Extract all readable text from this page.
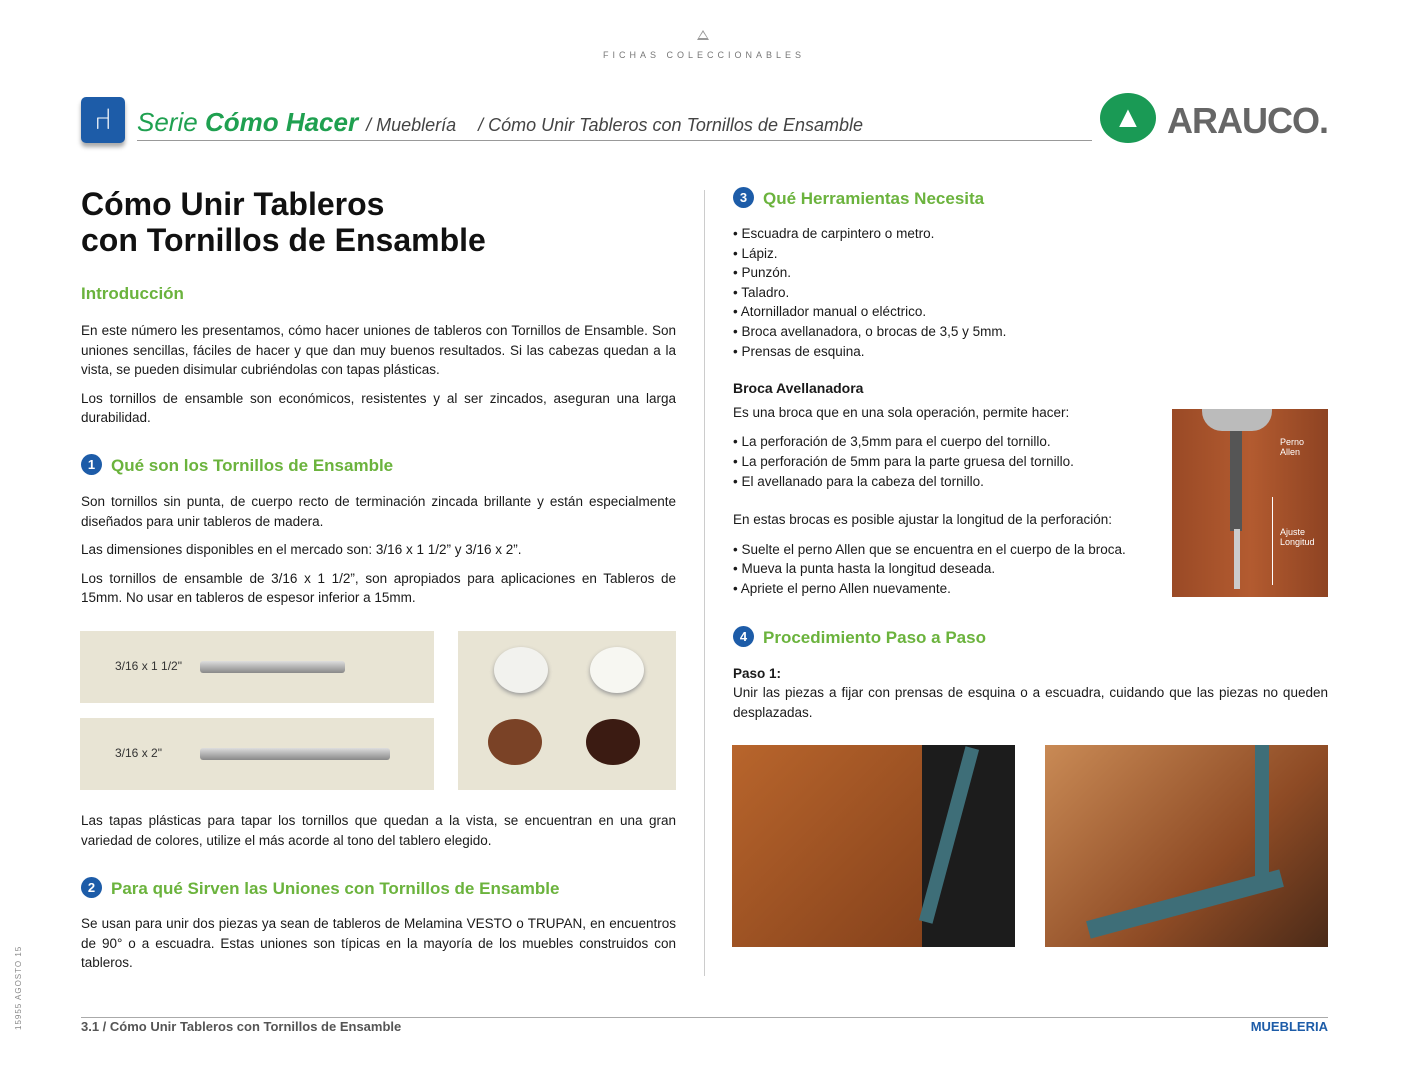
FICHAS COLECCIONABLES
⑁ Serie Cómo Hacer / Mueblería / Cómo Unir Tableros con Tornillos de Ensamble	▲ ARAUCO.
Cómo Unir Tableros
con Tornillos de Ensamble
Introducción

En este número les presentamos, cómo hacer uniones de tableros con Tornillos de Ensamble. Son uniones sencillas, fáciles de hacer y que dan muy buenos resultados. Si las cabezas quedan a la vista, se pueden disimular cubriéndolas con tapas plásticas.

Los tornillos de ensamble son económicos, resistentes y al ser zincados, aseguran una larga durabilidad.

1 Qué son los Tornillos de Ensamble

Son tornillos sin punta, de cuerpo recto de terminación zincada brillante y están especialmente diseñados para unir tableros de madera.

Las dimensiones disponibles en el mercado son: 3/16 x 1 1/2” y 3/16 x 2”.

Los tornillos de ensamble de 3/16 x 1 1/2”, son apropiados para aplicaciones en Tableros de 15mm. No usar en tableros de espesor inferior a 15mm.

3/16 x 1 1/2"
3/16 x 2"

Las tapas plásticas para tapar los tornillos que quedan a la vista, se encuentran en una gran variedad de colores, utilize el más acorde al tono del tablero elegido.

2 Para qué Sirven las Uniones con Tornillos de Ensamble

Se usan para unir dos piezas ya sean de tableros de Melamina VESTO o TRUPAN, en encuentros de 90° o a escuadra. Estas uniones son típicas en la mayoría de los muebles construidos con tableros.

3 Qué Herramientas Necesita
• Escuadra de carpintero o metro.
• Lápiz.
• Punzón.
• Taladro.
• Atornillador manual o eléctrico.
• Broca avellanadora, o brocas de 3,5 y 5mm.
• Prensas de esquina.
Broca Avellanadora
Es una broca que en una sola operación, permite hacer:
• La perforación de 3,5mm para el cuerpo del tornillo.
• La perforación de 5mm para la parte gruesa del tornillo.
• El avellanado para la cabeza del tornillo.
En estas brocas es posible ajustar la longitud de la perforación:
• Suelte el perno Allen que se encuentra en el cuerpo de la broca.
• Mueva la punta hasta la longitud deseada.
• Apriete el perno Allen nuevamente.
4 Procedimiento Paso a Paso
Paso 1:

Unir las piezas a fijar con prensas de esquina o a escuadra, cuidando que las piezas no queden desplazadas.

Perno Allen
Ajuste Longitud
3.1 / Cómo Unir Tableros con Tornillos de Ensamble	MUEBLERIA
15955 AGOSTO 15
